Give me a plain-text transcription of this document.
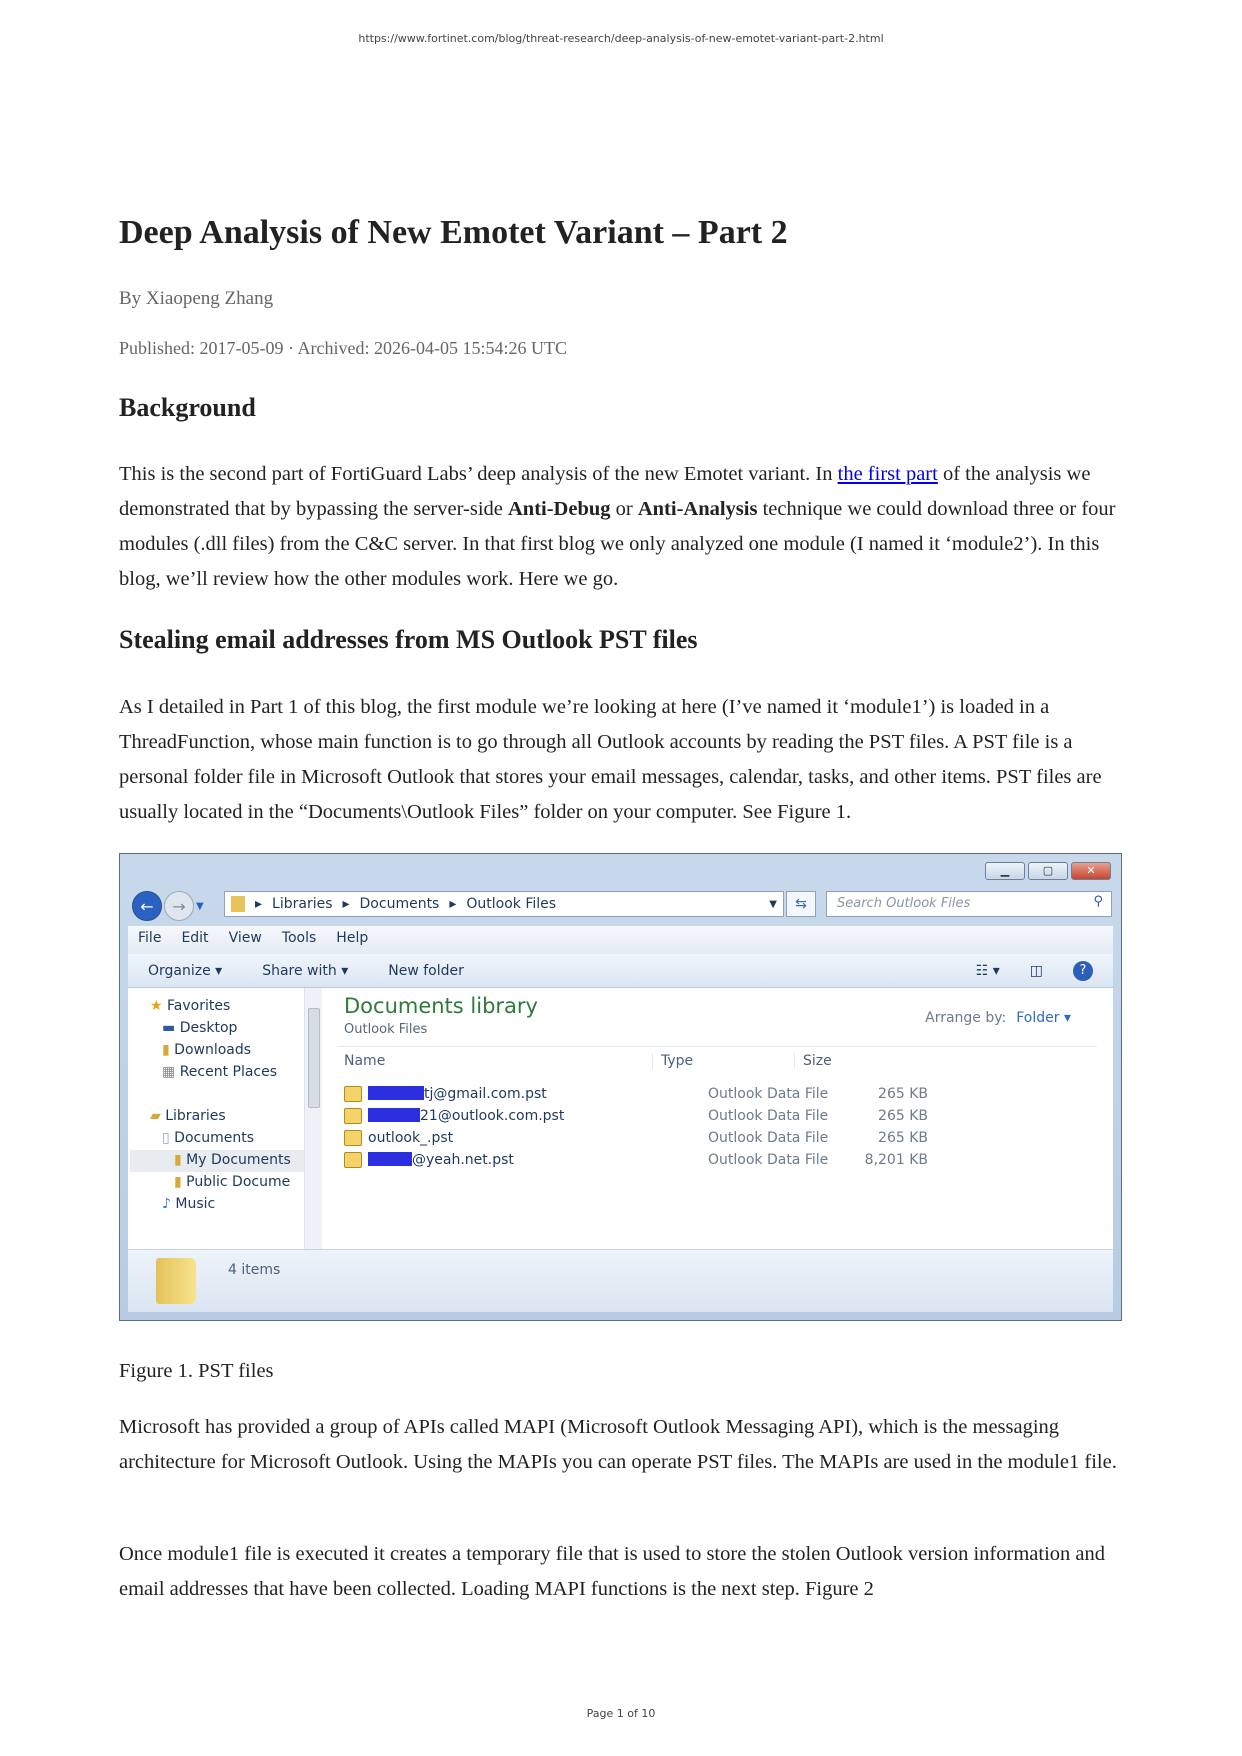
https://www.fortinet.com/blog/threat-research/deep-analysis-of-new-emotet-variant-part-2.html
Deep Analysis of New Emotet Variant – Part 2
By Xiaopeng Zhang
Published: 2017-05-09 · Archived: 2026-04-05 15:54:26 UTC
Background

This is the second part of FortiGuard Labs’ deep analysis of the new Emotet variant. In the first part of the analysis we demonstrated that by bypassing the server-side Anti-Debug or Anti-Analysis technique we could download three or four modules (.dll files) from the C&C server. In that first blog we only analyzed one module (I named it ‘module2’). In this blog, we’ll review how the other modules work. Here we go.

Stealing email addresses from MS Outlook PST files

As I detailed in Part 1 of this blog, the first module we’re looking at here (I’ve named it ‘module1’) is loaded in a ThreadFunction, whose main function is to go through all Outlook accounts by reading the PST files. A PST file is a personal folder file in Microsoft Outlook that stores your email messages, calendar, tasks, and other items. PST files are usually located in the “Documents\Outlook Files” folder on your computer. See Figure 1.

▁	▢	✕
←	→	▼	▸ Libraries ▸ Documents ▸ Outlook Files	▼	⇆	Search Outlook Files	⚲
File Edit View Tools Help
Organize ▾	Share with ▾	New folder	☷ ▾ ◫	?
★ Favorites
▬ Desktop
▮ Downloads
▦ Recent Places
▰ Libraries
▯ Documents
▮ My Documents
▮ Public Docume
♪ Music
Documents library
Outlook Files
Arrange by: Folder ▾
Name	Type	Size
tj@gmail.com.pst	Outlook Data File	265 KB
21@outlook.com.pst	Outlook Data File	265 KB
outlook_.pst	Outlook Data File	265 KB
@yeah.net.pst	Outlook Data File	8,201 KB
4 items

Figure 1. PST files

Microsoft has provided a group of APIs called MAPI (Microsoft Outlook Messaging API), which is the messaging architecture for Microsoft Outlook. Using the MAPIs you can operate PST files. The MAPIs are used in the module1 file.

Once module1 file is executed it creates a temporary file that is used to store the stolen Outlook version information and email addresses that have been collected. Loading MAPI functions is the next step. Figure 2

Page 1 of 10
